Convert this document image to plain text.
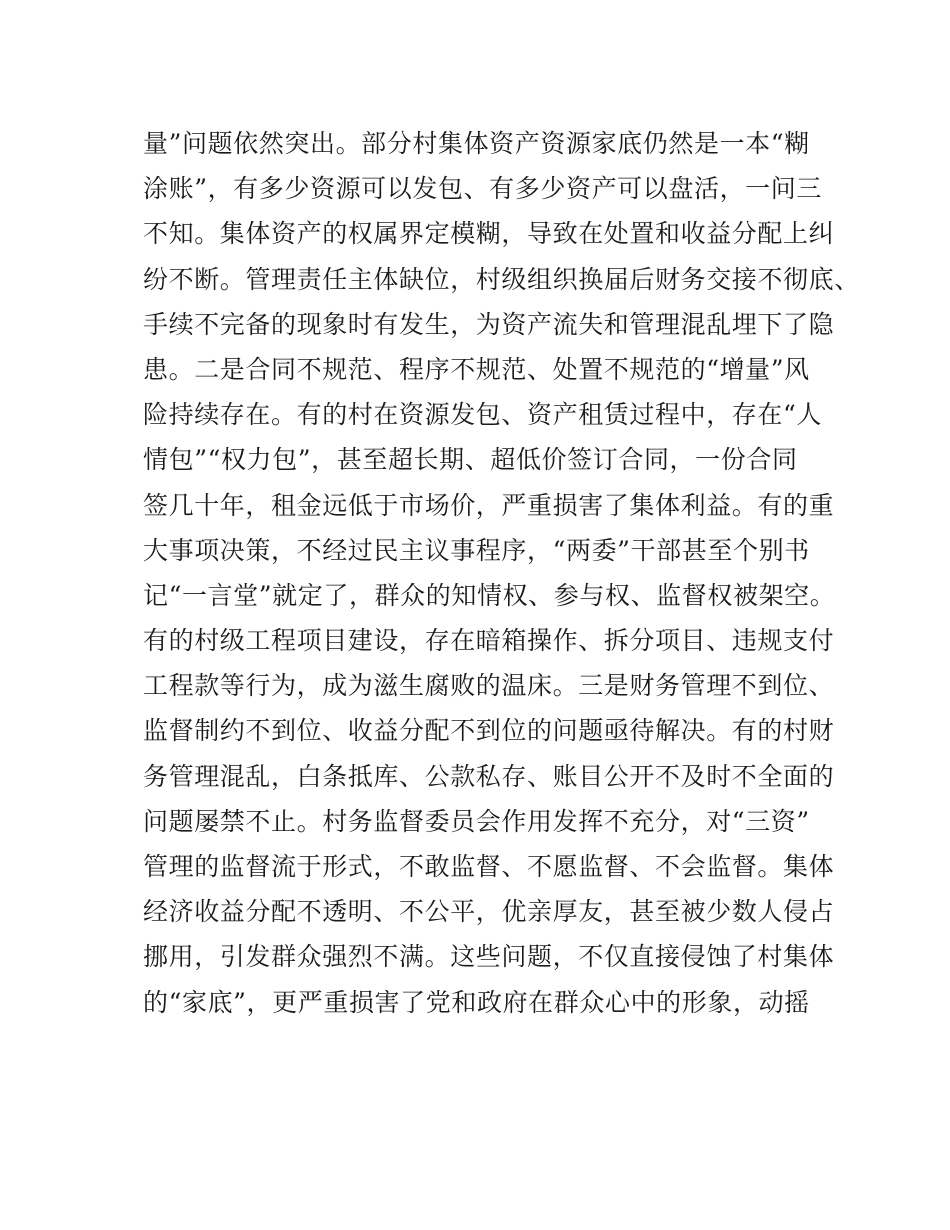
量”问题依然突出。部分村集体资产资源家底仍然是一本“糊
涂账”，有多少资源可以发包、有多少资产可以盘活，一问三
不知。集体资产的权属界定模糊，导致在处置和收益分配上纠
纷不断。管理责任主体缺位，村级组织换届后财务交接不彻底、
手续不完备的现象时有发生，为资产流失和管理混乱埋下了隐
患。二是合同不规范、程序不规范、处置不规范的“增量”风
险持续存在。有的村在资源发包、资产租赁过程中，存在“人
情包”“权力包”，甚至超长期、超低价签订合同，一份合同
签几十年，租金远低于市场价，严重损害了集体利益。有的重
大事项决策，不经过民主议事程序，“两委”干部甚至个别书
记“一言堂”就定了，群众的知情权、参与权、监督权被架空。
有的村级工程项目建设，存在暗箱操作、拆分项目、违规支付
工程款等行为，成为滋生腐败的温床。三是财务管理不到位、
监督制约不到位、收益分配不到位的问题亟待解决。有的村财
务管理混乱，白条抵库、公款私存、账目公开不及时不全面的
问题屡禁不止。村务监督委员会作用发挥不充分，对“三资”
管理的监督流于形式，不敢监督、不愿监督、不会监督。集体
经济收益分配不透明、不公平，优亲厚友，甚至被少数人侵占
挪用，引发群众强烈不满。这些问题，不仅直接侵蚀了村集体
的“家底”，更严重损害了党和政府在群众心中的形象，动摇
